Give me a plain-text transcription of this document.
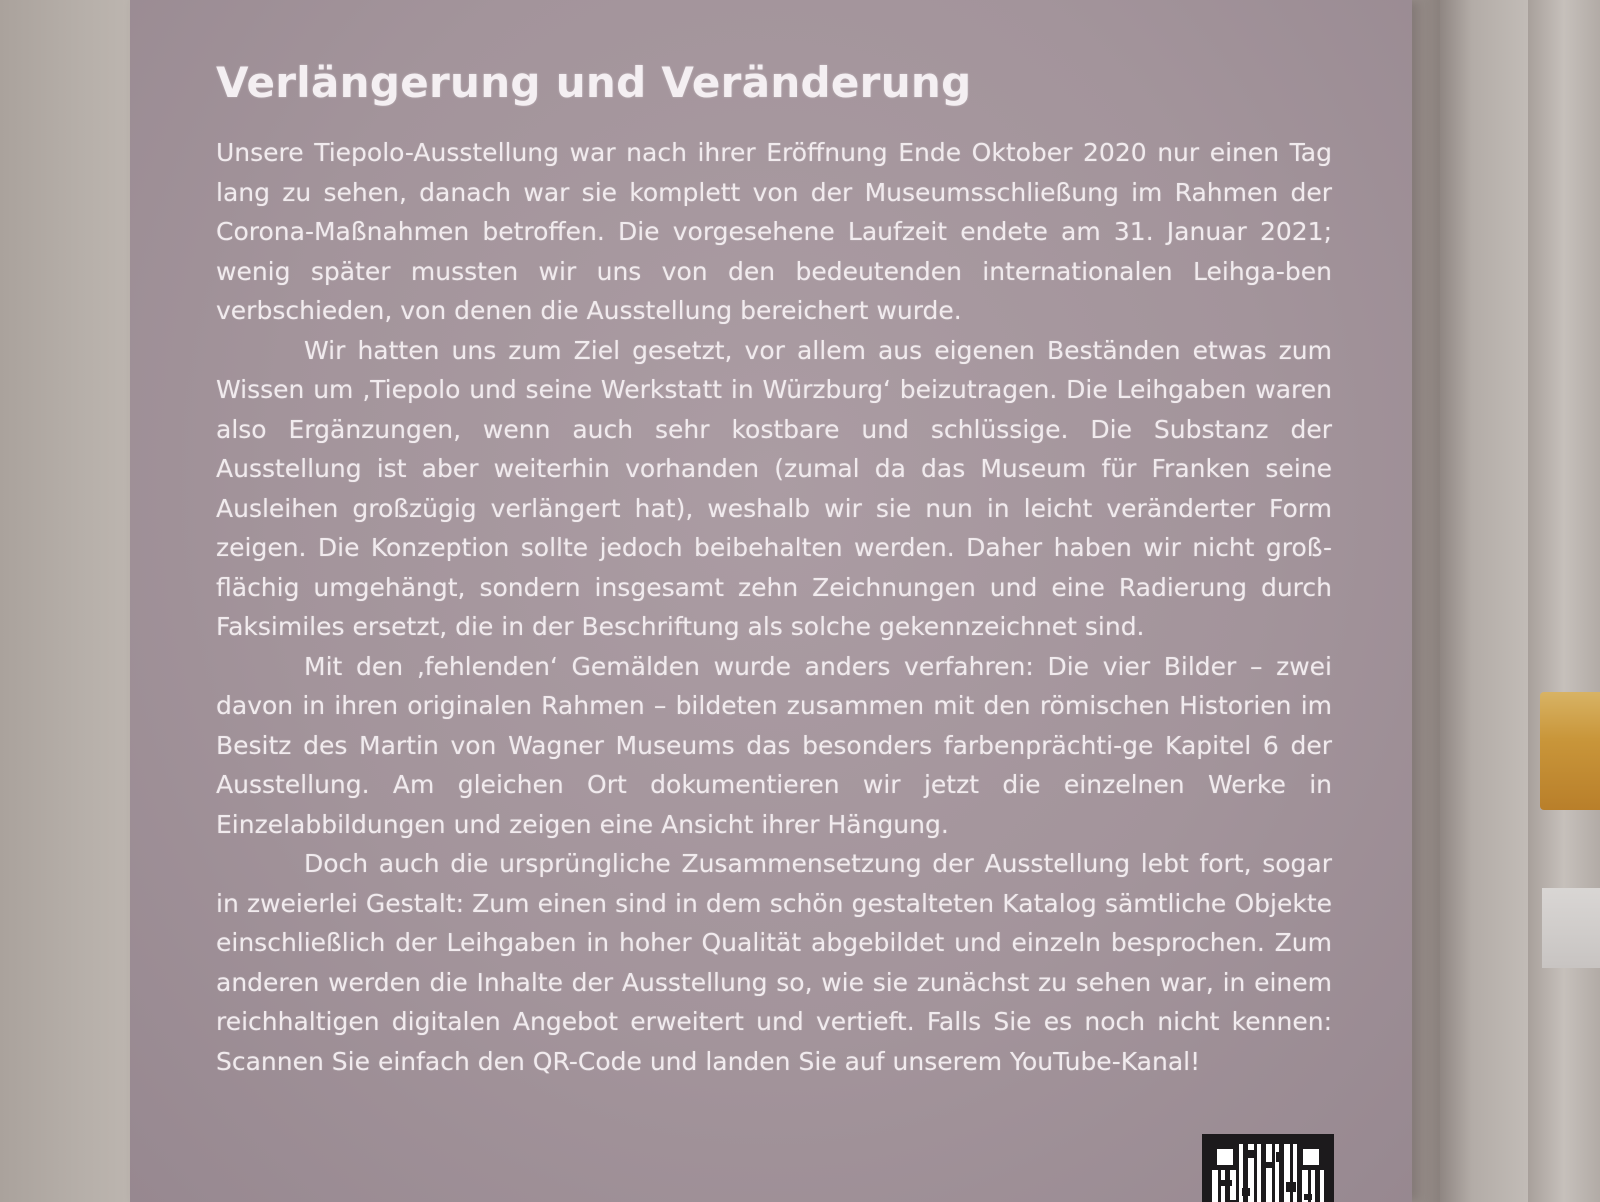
Verlängerung und Veränderung

Unsere Tiepolo-Ausstellung war nach ihrer Eröffnung Ende Oktober 2020 nur einen Tag lang zu sehen, danach war sie komplett von der Museumsschließung im Rahmen der Corona-Maßnahmen betroffen. Die vorgesehene Laufzeit endete am 31. Januar 2021; wenig später mussten wir uns von den bedeutenden internationalen Leihga-ben verbschieden, von denen die Ausstellung bereichert wurde.

Wir hatten uns zum Ziel gesetzt, vor allem aus eigenen Beständen etwas zum Wissen um ‚Tiepolo und seine Werkstatt in Würzburg‘ beizutragen. Die Leihgaben waren also Ergänzungen, wenn auch sehr kostbare und schlüssige. Die Substanz der Ausstellung ist aber weiterhin vorhanden (zumal da das Museum für Franken seine Ausleihen großzügig verlängert hat), weshalb wir sie nun in leicht veränderter Form zeigen. Die Konzeption sollte jedoch beibehalten werden. Daher haben wir nicht groß-flächig umgehängt, sondern insgesamt zehn Zeichnungen und eine Radierung durch Faksimiles ersetzt, die in der Beschriftung als solche gekennzeichnet sind.

Mit den ‚fehlenden‘ Gemälden wurde anders verfahren: Die vier Bilder – zwei davon in ihren originalen Rahmen – bildeten zusammen mit den römischen Historien im Besitz des Martin von Wagner Museums das besonders farbenprächti-ge Kapitel 6 der Ausstellung. Am gleichen Ort dokumentieren wir jetzt die einzelnen Werke in Einzelabbildungen und zeigen eine Ansicht ihrer Hängung.

Doch auch die ursprüngliche Zusammensetzung der Ausstellung lebt fort, sogar in zweierlei Gestalt: Zum einen sind in dem schön gestalteten Katalog sämtliche Objekte einschließlich der Leihgaben in hoher Qualität abgebildet und einzeln besprochen. Zum anderen werden die Inhalte der Ausstellung so, wie sie zunächst zu sehen war, in einem reichhaltigen digitalen Angebot erweitert und vertieft. Falls Sie es noch nicht kennen: Scannen Sie einfach den QR-Code und landen Sie auf unserem YouTube-Kanal!
